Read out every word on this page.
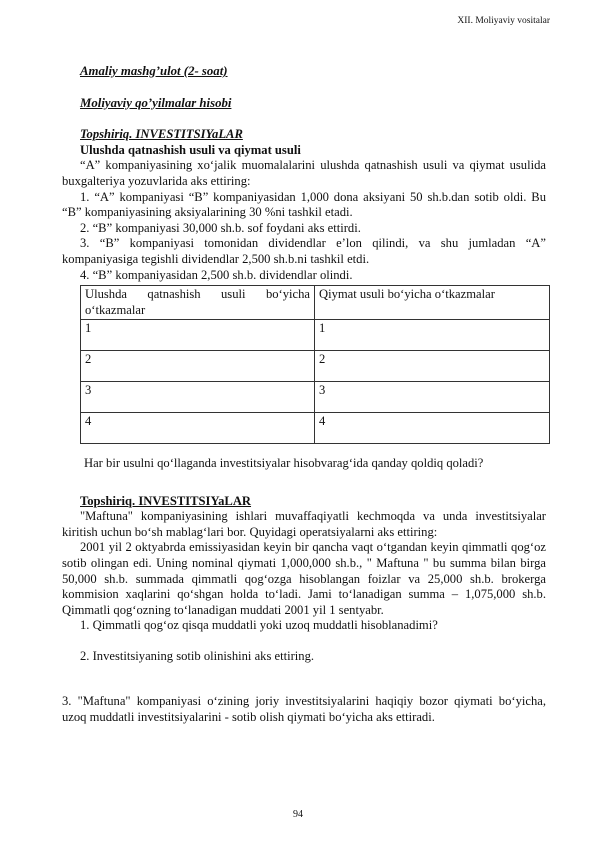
XII. Moliyaviy vositalar
Amaliy mashg’ulot (2- soat)
Moliyaviy qo’yilmalar hisobi
Topshiriq. INVESTITSIYaLAR
Ulushda qatnashish usuli va qiymat usuli

“A” kompaniyasining xo‘jalik muomalalarini ulushda qatnashish usuli va qiymat usulida buxgalteriya yozuvlarida aks ettiring:

1. “A” kompaniyasi “B” kompaniyasidan 1,000 dona aksiyani 50 sh.b.dan sotib oldi. Bu “B” kompaniyasining aksiyalarining 30 %ni tashkil etadi.

2. “B” kompaniyasi 30,000 sh.b. sof foydani aks ettirdi.

3. “B” kompaniyasi tomonidan dividendlar e’lon qilindi, va shu jumladan “A” kompaniyasiga tegishli dividendlar 2,500 sh.b.ni tashkil etdi.

4. “B” kompaniyasidan 2,500 sh.b. dividendlar olindi.

Ulushda qatnashish usuli bo‘yicha o‘tkazmalar	Qiymat usuli bo‘yicha o‘tkazmalar
1	1
2	2
3	3
4	4

Har bir usulni qo‘llaganda investitsiyalar hisobvarag‘ida qanday qoldiq qoladi?

Topshiriq. INVESTITSIYaLAR

"Maftuna" kompaniyasining ishlari muvaffaqiyatli kechmoqda va unda investitsiyalar kiritish uchun bo‘sh mablag‘lari bor. Quyidagi operatsiyalarni aks ettiring:

2001 yil 2 oktyabrda emissiyasidan keyin bir qancha vaqt o‘tgandan keyin qimmatli qog‘oz sotib olingan edi. Uning nominal qiymati 1,000,000 sh.b., " Maftuna " bu summa bilan birga 50,000 sh.b. summada qimmatli qog‘ozga hisoblangan foizlar va 25,000 sh.b. brokerga kommision xaqlarini qo‘shgan holda to‘ladi. Jami to‘lanadigan summa – 1,075,000 sh.b. Qimmatli qog‘ozning to‘lanadigan muddati 2001 yil 1 sentyabr.

1. Qimmatli qog‘oz qisqa muddatli yoki uzoq muddatli hisoblanadimi?

2. Investitsiyaning sotib olinishini aks ettiring.

3. "Maftuna" kompaniyasi o‘zining joriy investitsiyalarini haqiqiy bozor qiymati bo‘yicha, uzoq muddatli investitsiyalarini - sotib olish qiymati bo‘yicha aks ettiradi.

94
